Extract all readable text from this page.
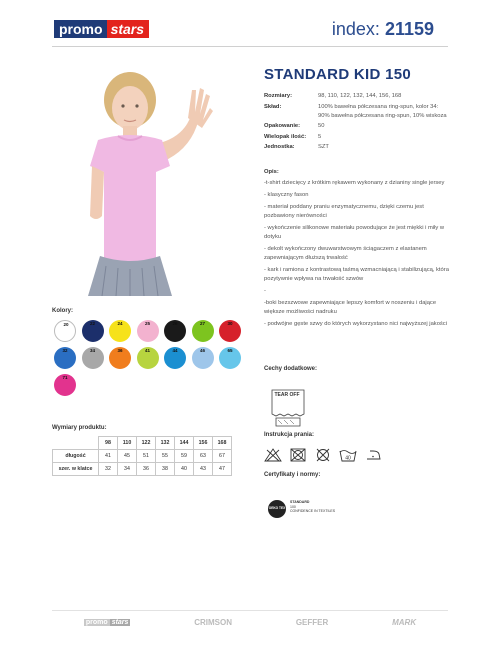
promo stars	index: 21159
STANDARD KID 150
Rozmiary:	98, 110, 122, 132, 144, 156, 168
Skład:	100% bawełna półczesana ring-spun, kolor 34: 90% bawełna półczesana ring-spun, 10% wiskoza
Opakowanie:	50
Wielopak ilość:	5
Jednostka:	SZT
Opis:

-t-shirt dziecięcy z krótkim rękawem wykonany z dzianiny single jersey

- klasyczny fason

- materiał poddany praniu enzymatycznemu, dzięki czemu jest pozbawiony nierówności

- wykończenie silikonowe materiału powodujące że jest miękki i miły w dotyku

- dekolt wykończony dwuwarstwowym ściągaczem z elastanem zapewniającym dłuższą trwałość

- kark i ramiona z kontrastową taśmą wzmacniającą i stabilizującą, która pozytywnie wpływa na trwałość szwów

-

-boki bezszwowe zapewniające lepszy komfort w noszeniu i dające większe możliwości nadruku

- podwójne gęste szwy do których wykorzystano nici najwyższej jakości

Cechy dodatkowe:
TEAR OFF
Instrukcja prania:
40
Certyfikaty i normy:
OEKO TEX
STANDARD
100
CONFIDENCE IN TEXTILES
Kolory:
20	22	24	25	26	27	30
32	34	36	41	44	46	65
71
Wymiary produktu:
	98	110	122	132	144	156	168
długość	41	45	51	55	59	63	67
szer. w klatce	32	34	36	38	40	43	47
promo stars	CRIMSON	GEFFER	MARK
